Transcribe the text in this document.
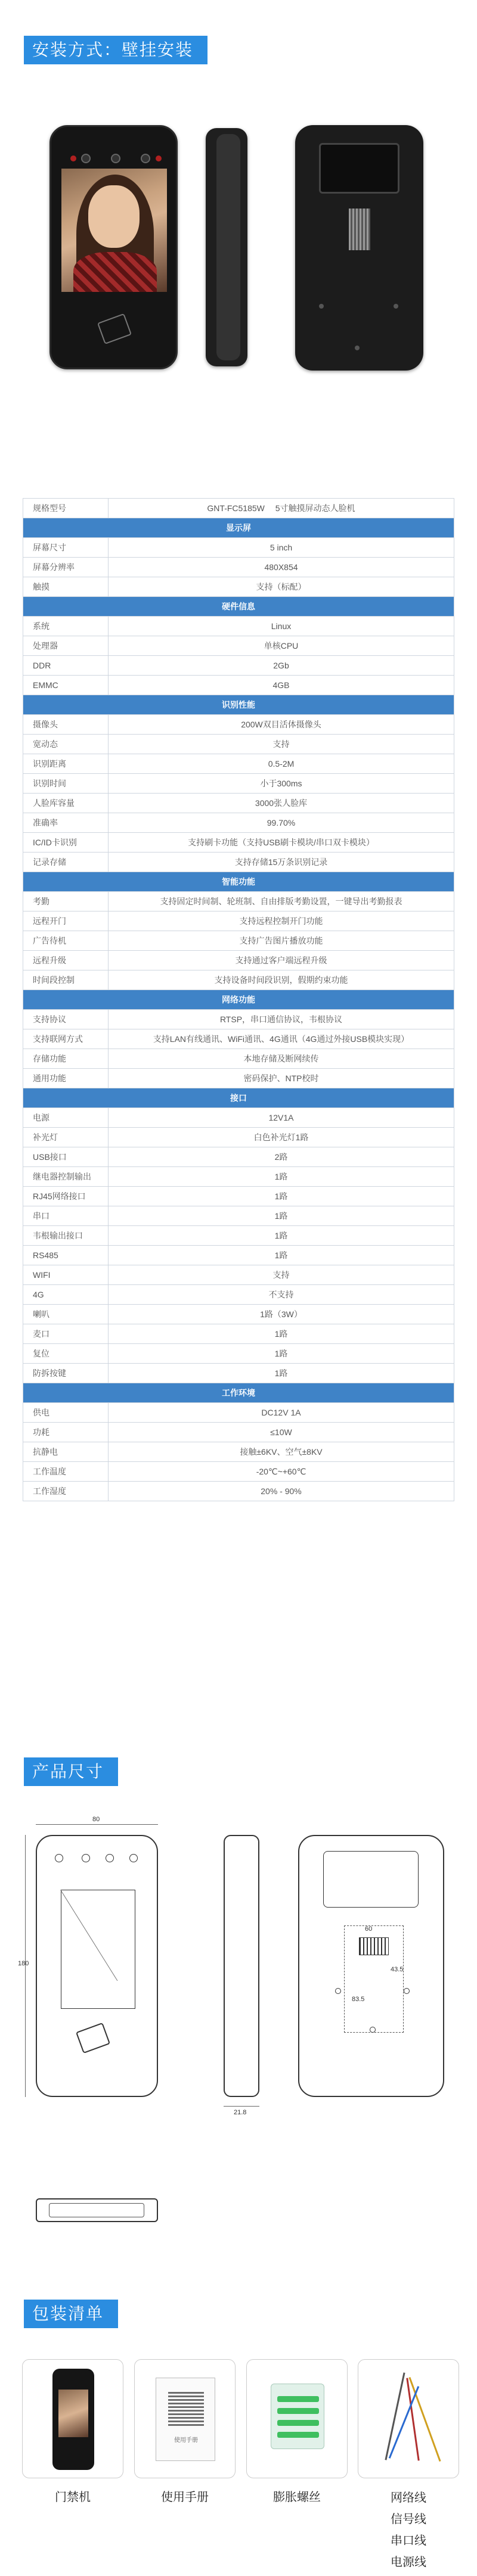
安装方式：壁挂安装
规格型号	GNT-FC5185W　 5寸触摸屏动态人脸机
显示屏	
屏幕尺寸	5 inch
屏幕分辨率	480X854
触摸	支持（标配）
硬件信息	
系统	Linux
处理器	单核CPU
DDR	2Gb
EMMC	4GB
识别性能	
摄像头	200W双目活体摄像头
宽动态	支持
识别距离	0.5-2M
识别时间	小于300ms
人脸库容量	3000张人脸库
准确率	99.70%
IC/ID卡识别	支持刷卡功能（支持USB刷卡模块/串口双卡模块）
记录存储	支持存储15万条识别记录
智能功能	
考勤	支持固定时间制、轮班制、自由排版考勤设置，一键导出考勤报表
远程开门	支持远程控制开门功能
广告待机	支持广告图片播放功能
远程升级	支持通过客户端远程升级
时间段控制	支持设备时间段识别，假期约束功能
网络功能	
支持协议	RTSP，串口通信协议，韦根协议
支持联网方式	支持LAN有线通讯、WiFi通讯、4G通讯（4G通过外接USB模块实现）
存储功能	本地存储及断网续传
通用功能	密码保护、NTP校时
接口	
电源	12V1A
补光灯	白色补光灯1路
USB接口	2路
继电器控制输出	1路
RJ45网络接口	1路
串口	1路
韦根输出接口	1路
RS485	1路
WIFI	支持
4G	不支持
喇叭	1路（3W）
麦口	1路
复位	1路
防拆按键	1路
工作环境	
供电	DC12V 1A
功耗	≤10W
抗静电	接触±6KV、空气±8KV
工作温度	-20℃~+60℃
工作湿度	20% - 90%
产品尺寸
80
180
21.8
60
83.5
43.5
包装清单
使用手册
门禁机	使用手册	膨胀螺丝	网络线
信号线
串口线
电源线
